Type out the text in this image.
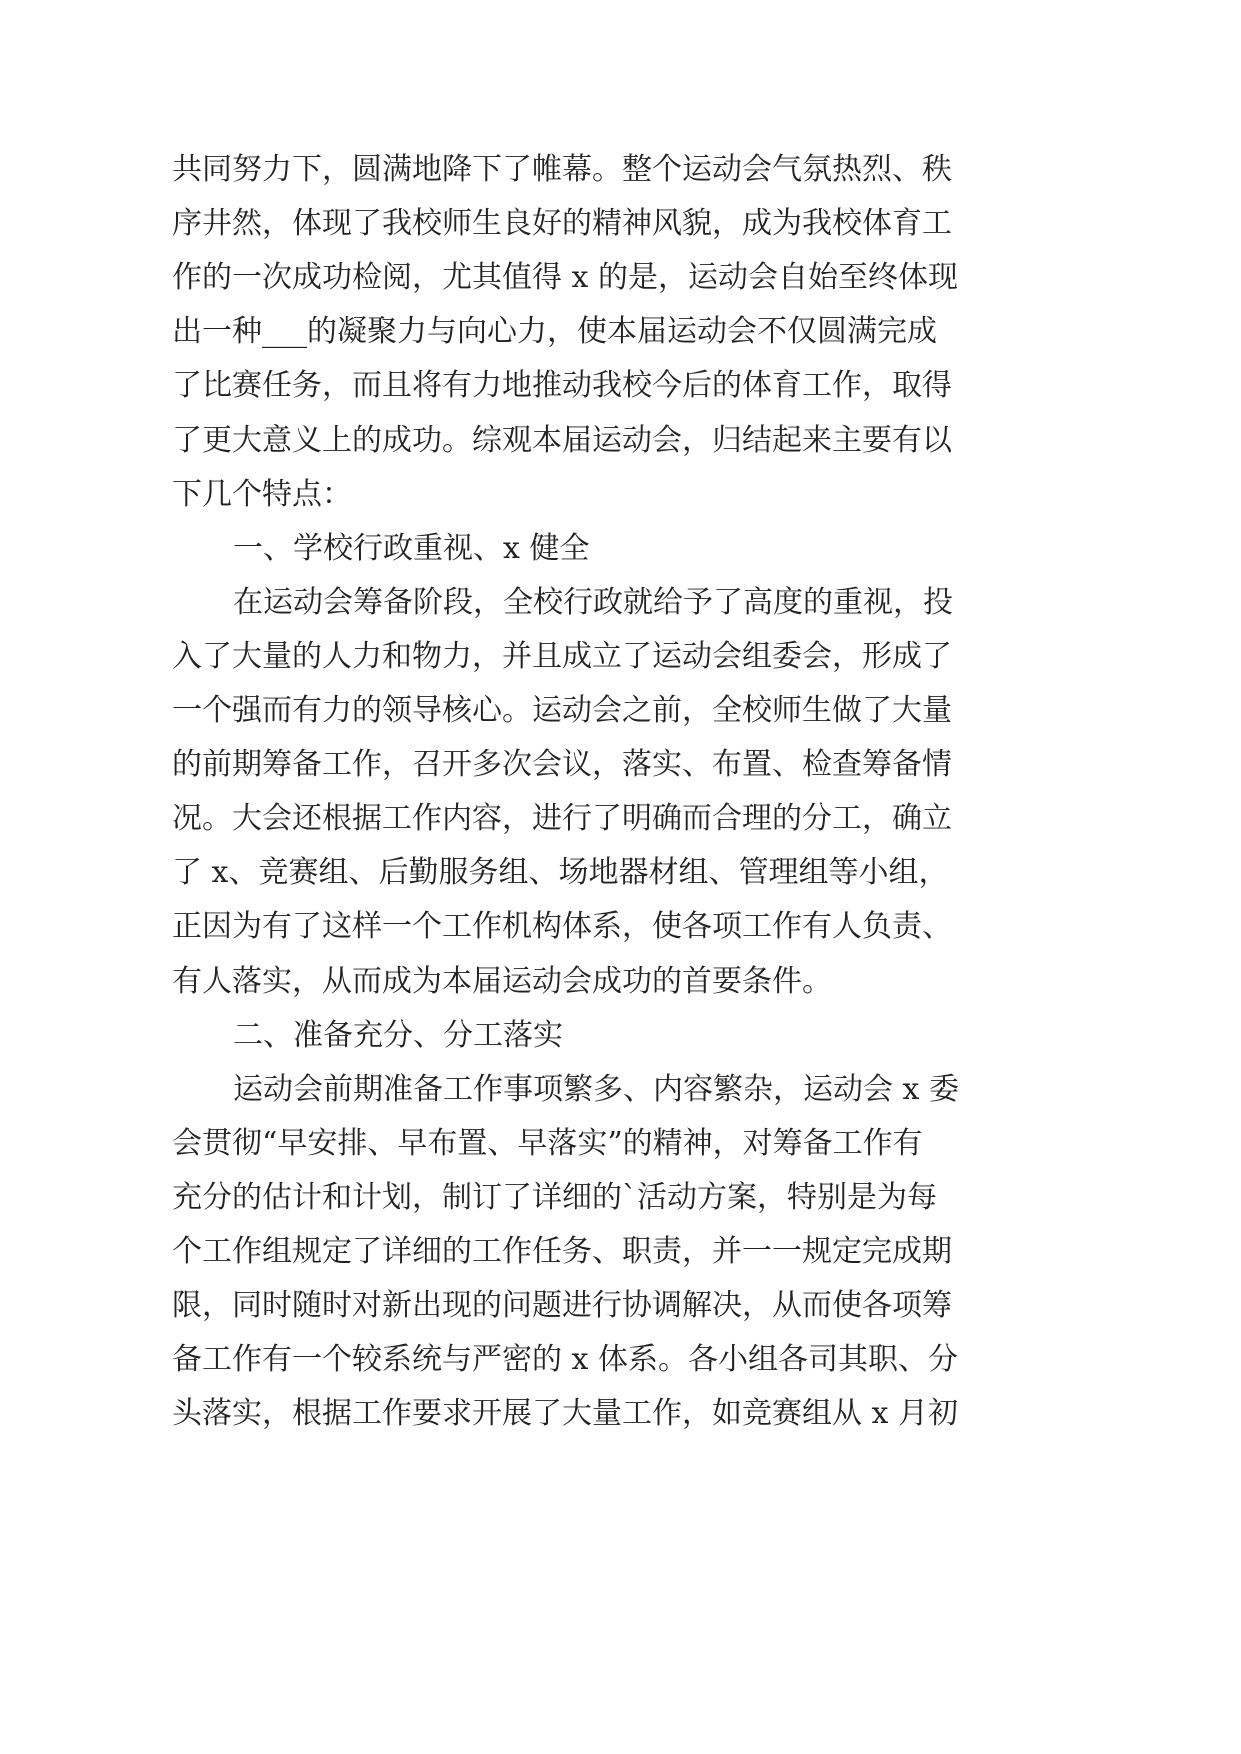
共同努力下，圆满地降下了帷幕。整个运动会气氛热烈、秩
序井然，体现了我校师生良好的精神风貌，成为我校体育工
作的一次成功检阅，尤其值得 x 的是，运动会自始至终体现
出一种___的凝聚力与向心力，使本届运动会不仅圆满完成
了比赛任务，而且将有力地推动我校今后的体育工作，取得
了更大意义上的成功。综观本届运动会，归结起来主要有以
下几个特点：
一、学校行政重视、x 健全
在运动会筹备阶段，全校行政就给予了高度的重视，投
入了大量的人力和物力，并且成立了运动会组委会，形成了
一个强而有力的领导核心。运动会之前，全校师生做了大量
的前期筹备工作，召开多次会议，落实、布置、检查筹备情
况。大会还根据工作内容，进行了明确而合理的分工，确立
了 x、竞赛组、后勤服务组、场地器材组、管理组等小组，
正因为有了这样一个工作机构体系，使各项工作有人负责、
有人落实，从而成为本届运动会成功的首要条件。
二、准备充分、分工落实
运动会前期准备工作事项繁多、内容繁杂，运动会 x 委
会贯彻“早安排、早布置、早落实”的精神，对筹备工作有
充分的估计和计划，制订了详细的`活动方案，特别是为每
个工作组规定了详细的工作任务、职责，并一一规定完成期
限，同时随时对新出现的问题进行协调解决，从而使各项筹
备工作有一个较系统与严密的 x 体系。各小组各司其职、分
头落实，根据工作要求开展了大量工作，如竞赛组从 x 月初
